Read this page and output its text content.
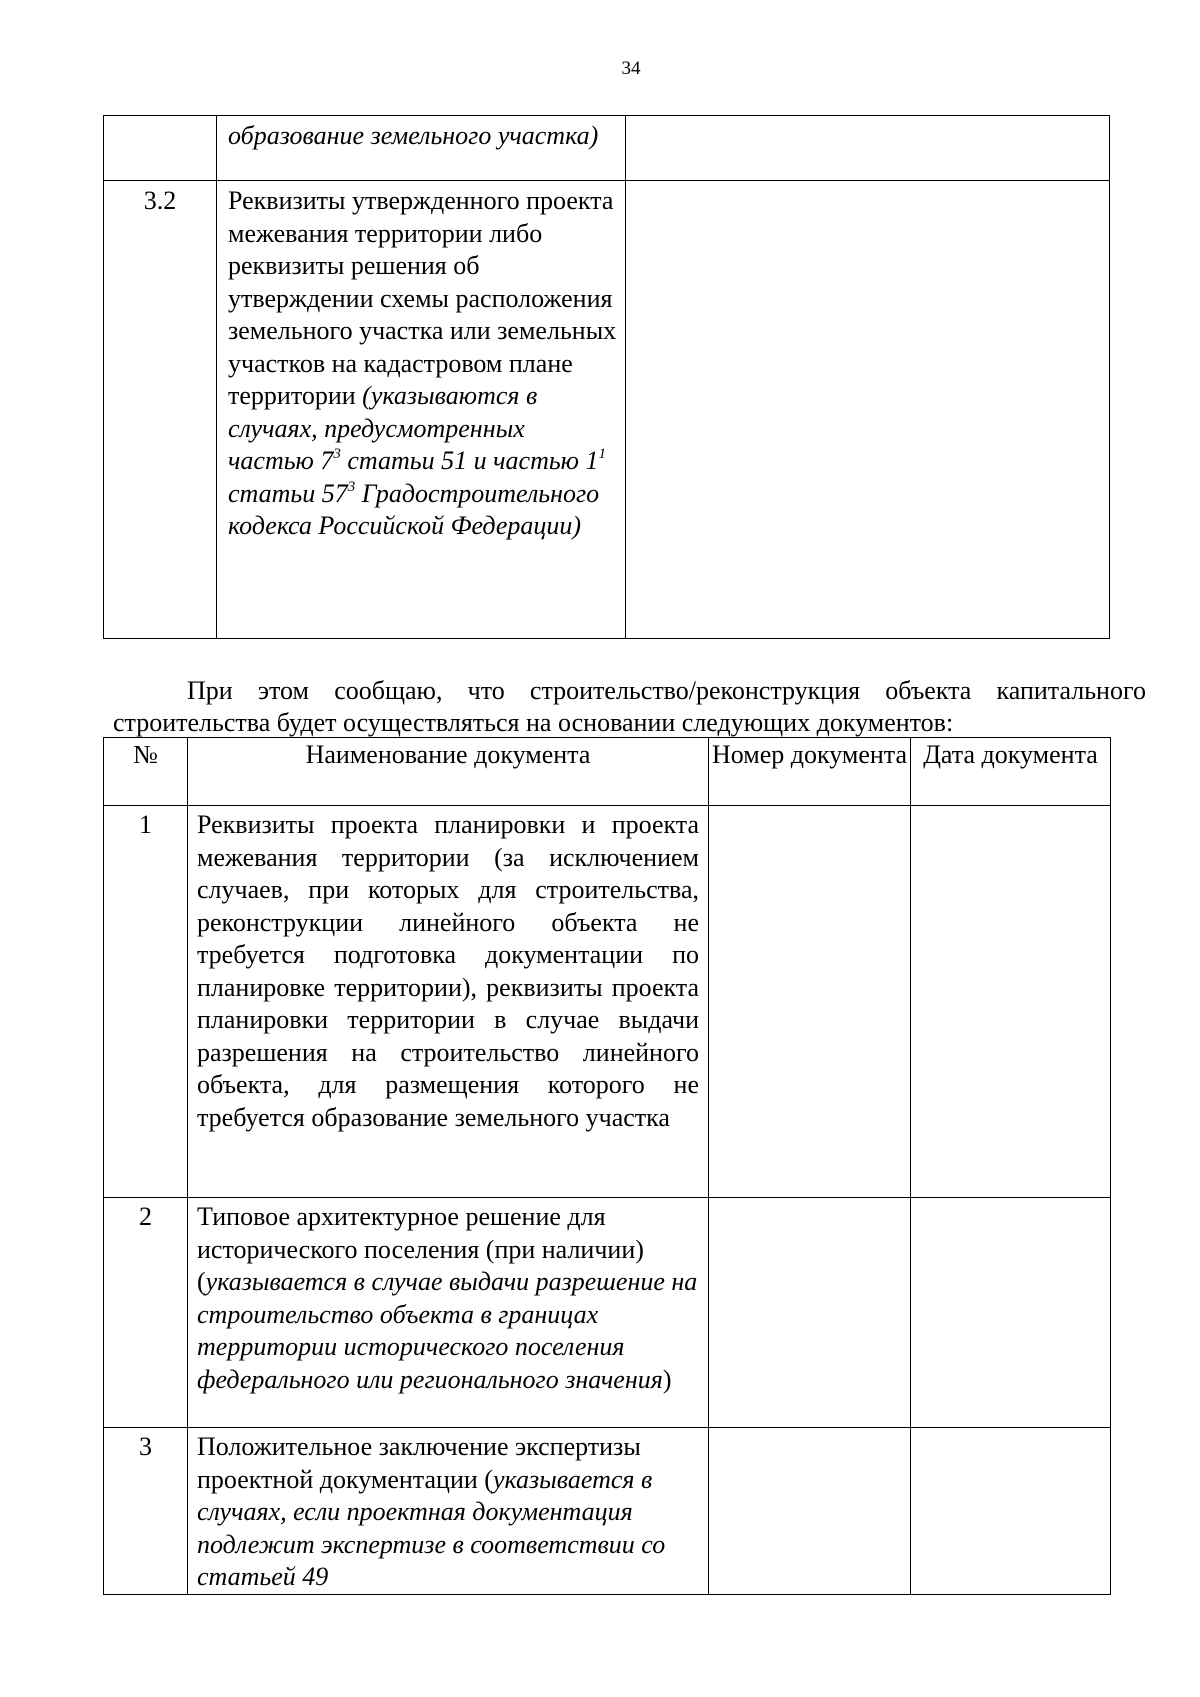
34
	образование земельного участка)	
3.2	Реквизиты утвержденного проекта межевания территории либо реквизиты решения об утверждении схемы расположения земельного участка или земельных участков на кадастровом плане территории (указываются в случаях, предусмотренных частью $7^3$ статьи 51 и частью $1^1$ статьи $57^3$ Градостроительного кодекса Российской Федерации)	
При этом сообщаю, что строительство/реконструкция объекта капитального
строительства будет осуществляться на основании следующих документов:
№	Наименование документа	Номер документа	Дата документа
1	Реквизиты проекта планировки и проекта межевания территории (за исключением случаев, при которых для строительства, реконструкции линейного объекта не требуется подготовка документации по планировке территории), реквизиты проекта планировки территории в случае выдачи разрешения на строительство линейного объекта, для размещения которого не требуется образование земельного участка		
2	Типовое архитектурное решение для исторического поселения (при наличии) (указывается в случае выдачи разрешение на строительство объекта в границах территории исторического поселения федерального или регионального значения)		
3	Положительное заключение экспертизы проектной документации (указывается в случаях, если проектная документация подлежит экспертизе в соответствии со статьей 49		
